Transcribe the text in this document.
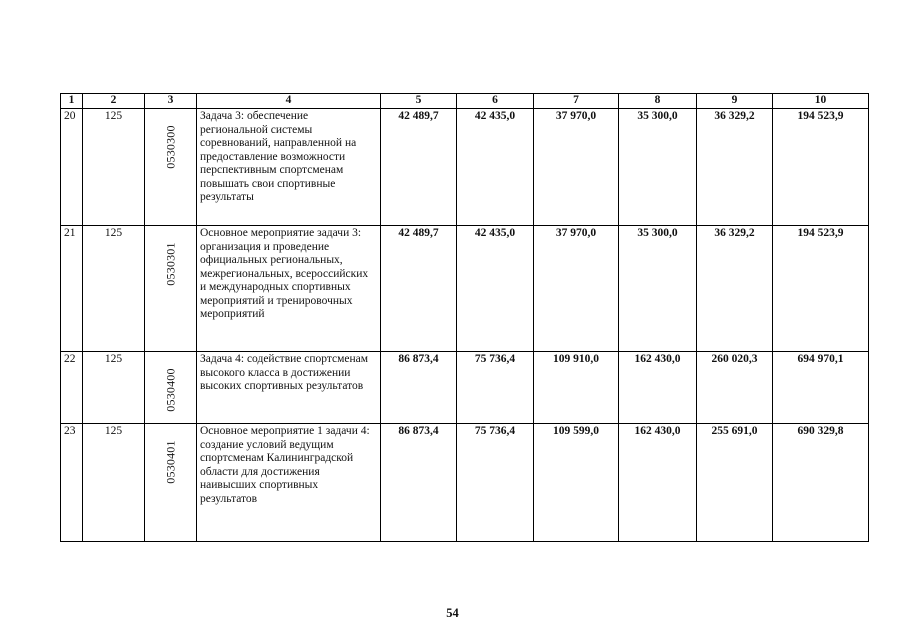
1	2	3	4	5	6	7	8	9	10
20	125	0530300	Задача 3: обеспечение региональной системы соревнований, направленной на предоставление возможности перспективным спортсменам повышать свои спортивные результаты	42 489,7	42 435,0	37 970,0	35 300,0	36 329,2	194 523,9
21	125	0530301	Основное мероприятие задачи 3: организация и проведение официальных региональных, межрегиональных, всероссийских и международных спортивных мероприятий и тренировочных мероприятий	42 489,7	42 435,0	37 970,0	35 300,0	36 329,2	194 523,9
22	125	0530400	Задача 4: содействие спортсменам высокого класса в достижении высоких спортивных результатов	86 873,4	75 736,4	109 910,0	162 430,0	260 020,3	694 970,1
23	125	0530401	Основное мероприятие 1 задачи 4: создание условий ведущим спортсменам Калининградской области для достижения наивысших спортивных результатов	86 873,4	75 736,4	109 599,0	162 430,0	255 691,0	690 329,8
54
